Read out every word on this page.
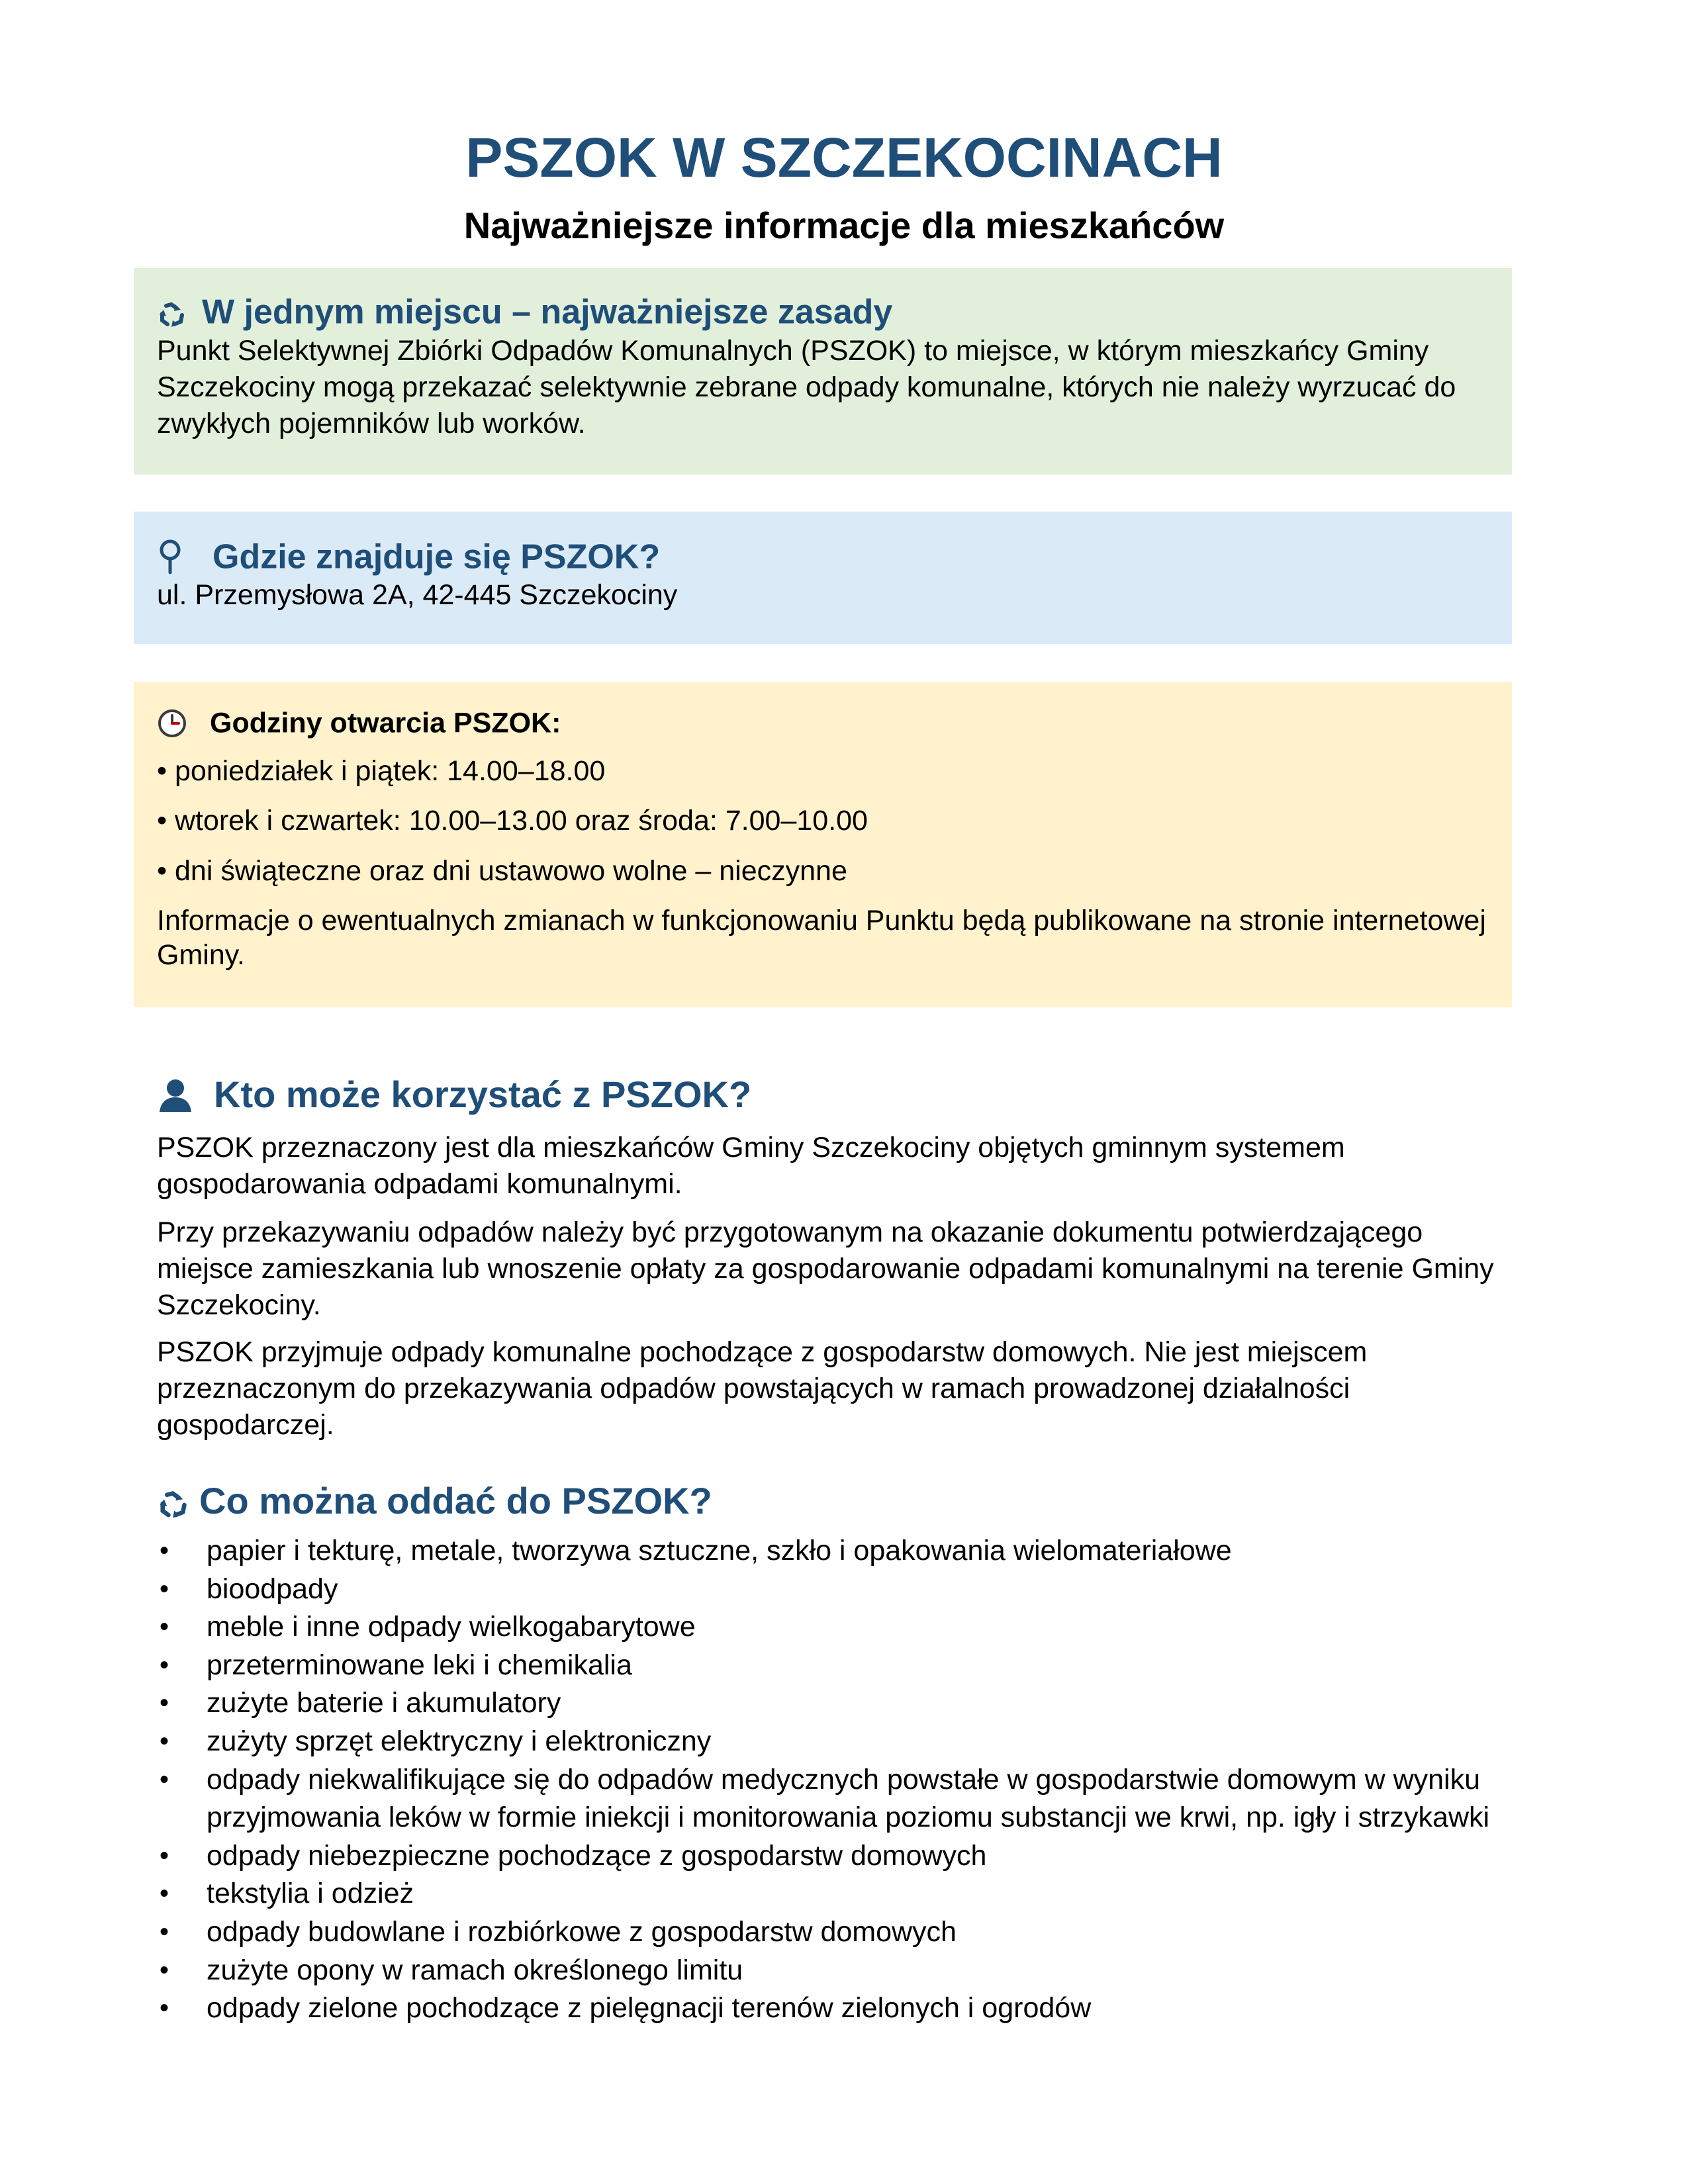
PSZOK W SZCZEKOCINACH
Najważniejsze informacje dla mieszkańców
W jednym miejscu – najważniejsze zasady

Punkt Selektywnej Zbiórki Odpadów Komunalnych (PSZOK) to miejsce, w którym mieszkańcy Gminy Szczekociny mogą przekazać selektywnie zebrane odpady komunalne, których nie należy wyrzucać do zwykłych pojemników lub worków.

Gdzie znajduje się PSZOK?

ul. Przemysłowa 2A, 42-445 Szczekociny

Godziny otwarcia PSZOK:

• poniedziałek i piątek: 14.00–18.00

• wtorek i czwartek: 10.00–13.00 oraz środa: 7.00–10.00

• dni świąteczne oraz dni ustawowo wolne – nieczynne

Informacje o ewentualnych zmianach w funkcjonowaniu Punktu będą publikowane na stronie internetowej Gminy.

Kto może korzystać z PSZOK?

PSZOK przeznaczony jest dla mieszkańców Gminy Szczekociny objętych gminnym systemem gospodarowania odpadami komunalnymi.

Przy przekazywaniu odpadów należy być przygotowanym na okazanie dokumentu potwierdzającego miejsce zamieszkania lub wnoszenie opłaty za gospodarowanie odpadami komunalnymi na terenie Gminy Szczekociny.

PSZOK przyjmuje odpady komunalne pochodzące z gospodarstw domowych. Nie jest miejscem przeznaczonym do przekazywania odpadów powstających w ramach prowadzonej działalności gospodarczej.

Co można oddać do PSZOK?
• papier i tekturę, metale, tworzywa sztuczne, szkło i opakowania wielomateriałowe
• bioodpady
• meble i inne odpady wielkogabarytowe
• przeterminowane leki i chemikalia
• zużyte baterie i akumulatory
• zużyty sprzęt elektryczny i elektroniczny
• odpady niekwalifikujące się do odpadów medycznych powstałe w gospodarstwie domowym w wyniku przyjmowania leków w formie iniekcji i monitorowania poziomu substancji we krwi, np. igły i strzykawki
• odpady niebezpieczne pochodzące z gospodarstw domowych
• tekstylia i odzież
• odpady budowlane i rozbiórkowe z gospodarstw domowych
• zużyte opony w ramach określonego limitu
• odpady zielone pochodzące z pielęgnacji terenów zielonych i ogrodów
